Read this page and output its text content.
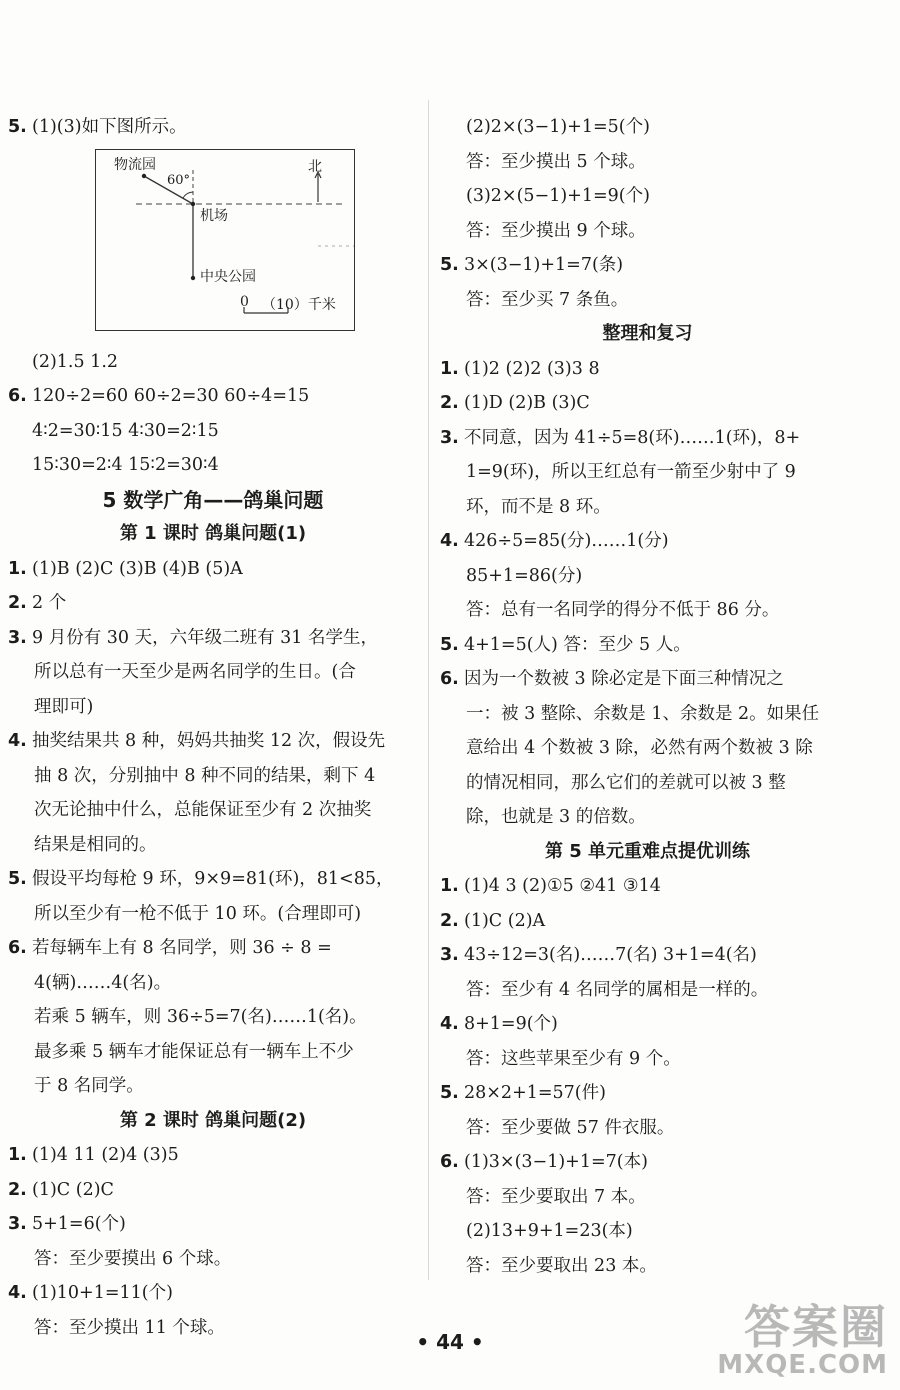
5. (1)(3)如下图所示。
物流园
60°
北
机场
中央公园
0 （10）千米
(2)1.5 1.2
6. 120÷2=60 60÷2=30 60÷4=15
4∶2=30∶15 4∶30=2∶15
15∶30=2∶4 15∶2=30∶4
5 数学广角——鸽巢问题
第 1 课时 鸽巢问题(1)
1. (1)B (2)C (3)B (4)B (5)A
2. 2 个
3. 9 月份有 30 天，六年级二班有 31 名学生，
所以总有一天至少是两名同学的生日。(合
理即可)
4. 抽奖结果共 8 种，妈妈共抽奖 12 次，假设先
抽 8 次，分别抽中 8 种不同的结果，剩下 4
次无论抽中什么，总能保证至少有 2 次抽奖
结果是相同的。
5. 假设平均每枪 9 环，9×9=81(环)，81<85，
所以至少有一枪不低于 10 环。(合理即可)
6. 若每辆车上有 8 名同学，则 36 ÷ 8 =
4(辆)……4(名)。
若乘 5 辆车，则 36÷5=7(名)……1(名)。
最多乘 5 辆车才能保证总有一辆车上不少
于 8 名同学。
第 2 课时 鸽巢问题(2)
1. (1)4 11 (2)4 (3)5
2. (1)C (2)C
3. 5+1=6(个)
答：至少要摸出 6 个球。
4. (1)10+1=11(个)
答：至少摸出 11 个球。
(2)2×(3−1)+1=5(个)
答：至少摸出 5 个球。
(3)2×(5−1)+1=9(个)
答：至少摸出 9 个球。
5. 3×(3−1)+1=7(条)
答：至少买 7 条鱼。
整理和复习
1. (1)2 (2)2 (3)3 8
2. (1)D (2)B (3)C
3. 不同意，因为 41÷5=8(环)……1(环)，8+
1=9(环)，所以王红总有一箭至少射中了 9
环，而不是 8 环。
4. 426÷5=85(分)……1(分)
85+1=86(分)
答：总有一名同学的得分不低于 86 分。
5. 4+1=5(人) 答：至少 5 人。
6. 因为一个数被 3 除必定是下面三种情况之
一：被 3 整除、余数是 1、余数是 2。如果任
意给出 4 个数被 3 除，必然有两个数被 3 除
的情况相同，那么它们的差就可以被 3 整
除，也就是 3 的倍数。
第 5 单元重难点提优训练
1. (1)4 3 (2)①5 ②41 ③14
2. (1)C (2)A
3. 43÷12=3(名)……7(名) 3+1=4(名)
答：至少有 4 名同学的属相是一样的。
4. 8+1=9(个)
答：这些苹果至少有 9 个。
5. 28×2+1=57(件)
答：至少要做 57 件衣服。
6. (1)3×(3−1)+1=7(本)
答：至少要取出 7 本。
(2)13+9+1=23(本)
答：至少要取出 23 本。
• 44 •	答案圈
MXQE.COM
